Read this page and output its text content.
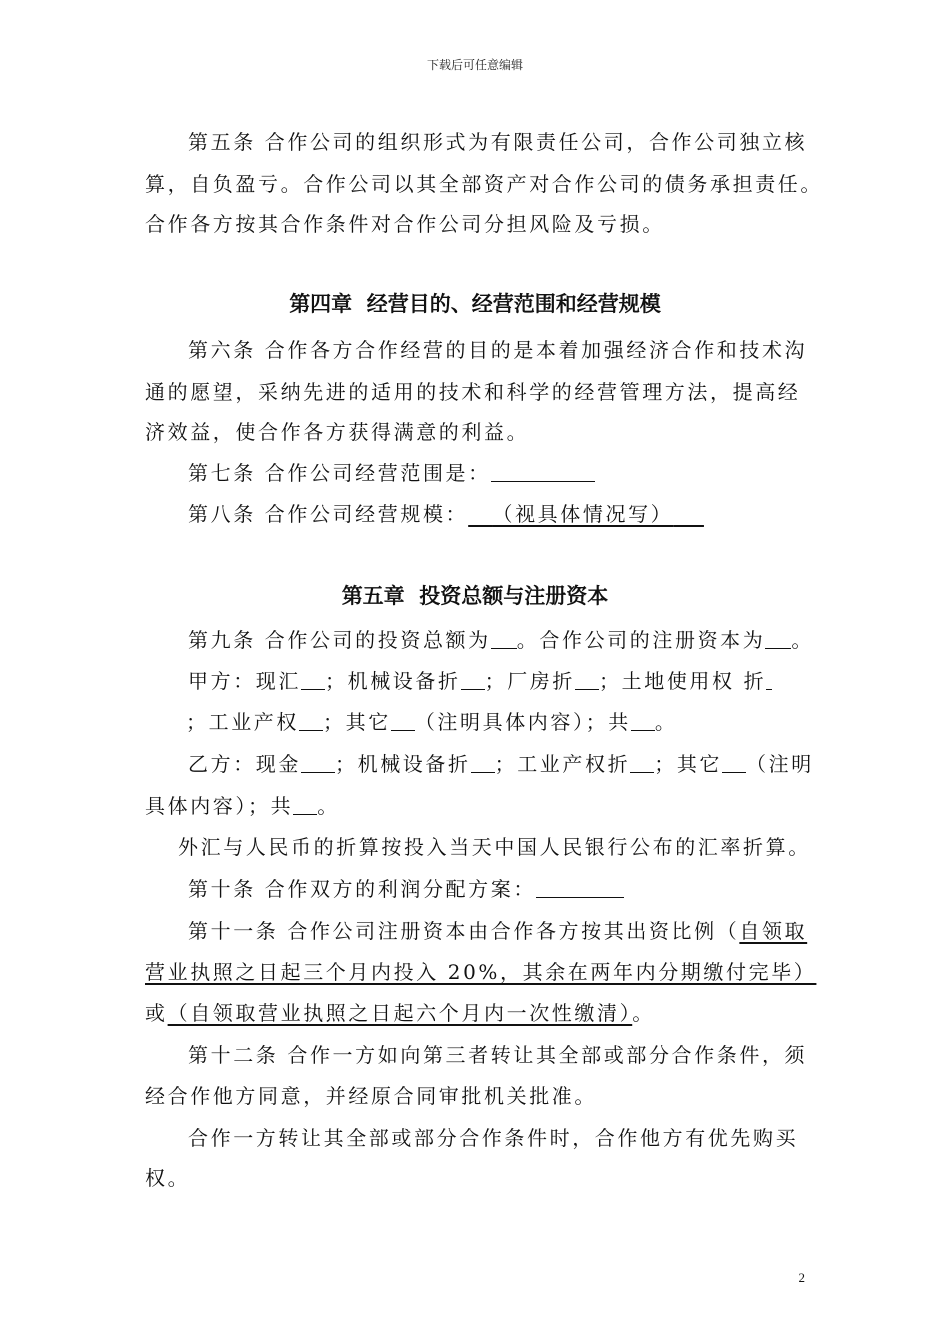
下载后可任意编辑
第五条 合作公司的组织形式为有限责任公司，合作公司独立核
算，自负盈亏。合作公司以其全部资产对合作公司的债务承担责任。
合作各方按其合作条件对合作公司分担风险及亏损。
第四章  经营目的、经营范围和经营规模
第六条 合作各方合作经营的目的是本着加强经济合作和技术沟
通的愿望，采纳先进的适用的技术和科学的经营管理方法，提高经
济效益，使合作各方获得满意的利益。
第七条 合作公司经营范围是：
第八条 合作公司经营规模：   （视具体情况写）  
第五章  投资总额与注册资本
第九条 合作公司的投资总额为 。合作公司的注册资本为 。
甲方：现汇 ；机械设备折 ；厂房折 ；土地使用权 折
；工业产权 ；其它 （注明具体内容）；共 。
乙方：现金 ；机械设备折 ；工业产权折 ；其它 （注明
具体内容）；共 。
外汇与人民币的折算按投入当天中国人民银行公布的汇率折算。
第十条 合作双方的利润分配方案：
第十一条 合作公司注册资本由合作各方按其出资比例（自领取
营业执照之日起三个月内投入 20%，其余在两年内分期缴付完毕）
或（自领取营业执照之日起六个月内一次性缴清）。
第十二条 合作一方如向第三者转让其全部或部分合作条件，须
经合作他方同意，并经原合同审批机关批准。
合作一方转让其全部或部分合作条件时，合作他方有优先购买
权。
2
